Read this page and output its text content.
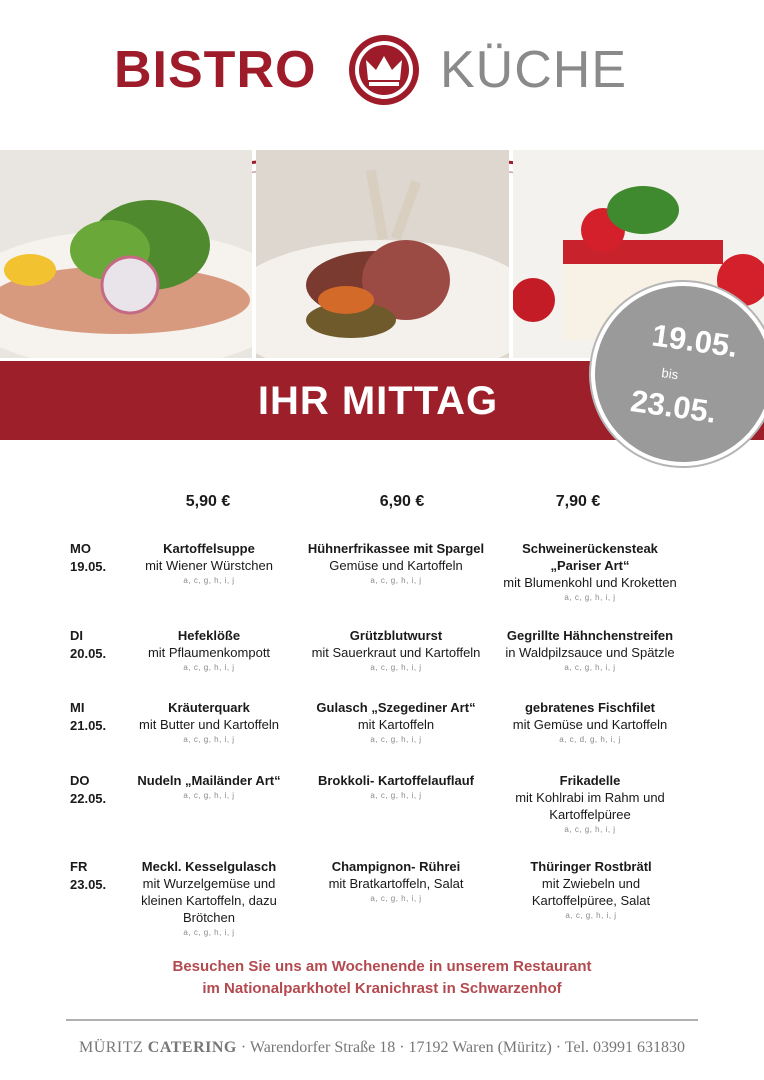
BISTRO KÜCHE
IHR MITTAG
19.05.
bis
23.05.
5,90 €	6,90 €	7,90 €
MO
19.05.
Kartoffelsuppe
mit Wiener Würstchen
a, c, g, h, i, j
Hühnerfrikassee mit Spargel
Gemüse und Kartoffeln
a, c, g, h, i, j
Schweinerückensteak
„Pariser Art“
mit Blumenkohl und Kroketten
a, c, g, h, i, j
DI
20.05.
Hefeklöße
mit Pflaumenkompott
a, c, g, h, i, j
Grützblutwurst
mit Sauerkraut und Kartoffeln
a, c, g, h, i, j
Gegrillte Hähnchenstreifen
in Waldpilzsauce und Spätzle
a, c, g, h, i, j
MI
21.05.
Kräuterquark
mit Butter und Kartoffeln
a, c, g, h, i, j
Gulasch „Szegediner Art“
mit Kartoffeln
a, c, g, h, i, j
gebratenes Fischfilet
mit Gemüse und Kartoffeln
a, c, d, g, h, i, j
DO
22.05.
Nudeln „Mailänder Art“
a, c, g, h, i, j
Brokkoli- Kartoffelauflauf
a, c, g, h, i, j
Frikadelle
mit Kohlrabi im Rahm und Kartoffelpüree
a, c, g, h, i, j
FR
23.05.
Meckl. Kesselgulasch
mit Wurzelgemüse und kleinen Kartoffeln, dazu Brötchen
a, c, g, h, i, j
Champignon- Rührei
mit Bratkartoffeln, Salat
a, c, g, h, i, j
Thüringer Rostbrätl
mit Zwiebeln und Kartoffelpüree, Salat
a, c, g, h, i, j
Besuchen Sie uns am Wochenende in unserem Restaurant
im Nationalparkhotel Kranichrast in Schwarzenhof
MÜRITZ CATERING · Warendorfer Straße 18 · 17192 Waren (Müritz) · Tel. 03991 631830
